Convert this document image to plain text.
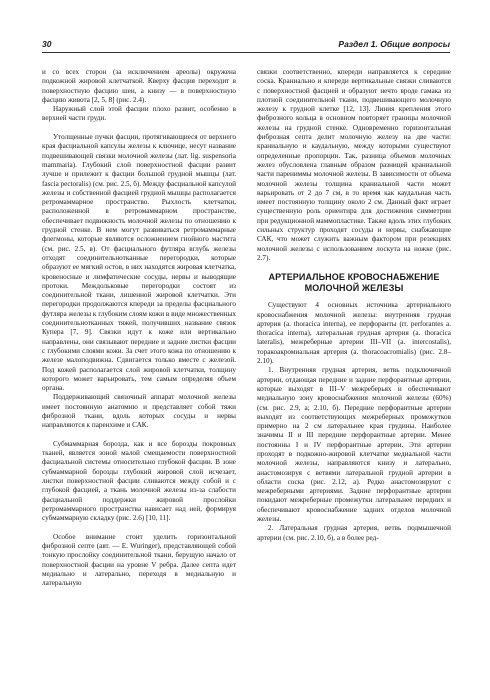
30	Раздел 1. Общие вопросы

и со всех сторон (за исключением ареолы) окружена подкожной жировой клетчаткой. Кверху фасция переходит в поверхностную фасцию шеи, а книзу — в поверхностную фасцию живота [2, 5, 8] (рис. 2.4).

Наружный слой этой фасции плохо развит, особенно в верхней части груди.

Утолщенные пучки фасции, протягивающиеся от верхнего края фасциальной капсулы железы к ключице, несут название подвешивающей связки молочной железы (лат. lig. suspensoria mammaria). Глубокий слой поверхностной фасции развит лучше и прилежит к фасции большой грудной мышцы (лат. fascia pectoralis) (см. рис. 2.5, б). Между фасциальной капсулой железы и собственной фасцией грудной мышцы располагается ретромаммарное пространство. Рыхлость клетчатки, расположенной в ретромаммарном пространстве, обеспечивает подвижность молочной железы по отношению к грудной стенке. В нем могут развиваться ретромаммарные флегмоны, которые являются осложнением гнойного мастита (см. рис. 2.5, в). От фасциального футляра вглубь железы отходят соединительнотканные перегородки, которые образуют ее мягкий остов, в них находятся жировая клетчатка, кровеносные и лимфатические сосуды, нервы и выводящие протоки. Междольковые перегородки состоят из соединительной ткани, лишенной жировой клетчатки. Эти перегородки продолжаются кпереди за пределы фасциального футляра железы к глубоким слоям кожи в виде множественных соединительнотканных тяжей, получивших название связок Купера [7, 9]. Связки идут к коже или вертикально направлены, они связывают передние и задние листки фасции с глубокими слоями кожи. За счет этого кожа по отношению к железе малоподвижна. Сдвигается только вместе с железой. Под кожей располагается слой жировой клетчатки, толщину которого может варьировать, тем самым определяя объем органа.

Поддерживающий связочный аппарат молочной железы имеет постоянную анатомию и представляет собой тяжи фиброзной ткани, вдоль которых сосуды и нервы направляются к паренхиме и САК.

Субмаммарная борозда, как и все борозды покровных тканей, является зоной малой смещаемости поверхностной фасциальной системы относительно глубокой фасции. В зоне субмаммарной борозды глубокий жировой слой исчезает, листки поверхностной фасции сливаются между собой и с глубокой фасцией, а ткань молочной железы из-за слабости фасциальной поддержки жировой прослойки ретромаммарного пространства нависает над ней, формируя субмаммарную складку (рис. 2.6) [10, 11].

Особое внимание стоит уделить горизонтальной фиброзной септе (авт. — E. Wuringer), представляющей собой тонкую прослойку соединительной ткани, берущую начало от поверхностной фасции на уровне V ребра. Далее септа идет медиально и латерально, переходя в медиальную и латеральную

связки соответственно, кпереди направляется к середине соска. Краниально и кпереди вертикальные связки сливаются с поверхностной фасцией и образуют нечто вроде гамака из плотной соединительной ткани, подвешивающего молочную железу к грудной клетке [12, 13]. Линия крепления этого фиброзного кольца в основном повторяет границы молочной железы на грудной стенке. Одновременно горизонтальная фиброзная септа делит молочную железу на две части: краниальную и каудальную, между которыми существуют определенные пропорции. Так, разница объемов молочных желез обусловлена главным образом разницей краниальной части парениммы молочной железы. В зависимости от объема молочной железы толщина краниальной части может варьировать от 2 до 7 см, в то время как каудальная часть имеет постоянную толщину около 2 см. Данный факт играет существенную роль ориентира для достижения симметрии при редукционной маммопластике. Также вдоль этих глубоких сильных структур проходят сосуды и нервы, снабжающие САК, что может служить важным фактором при резекциях молочной железы с использованием лоскута на ножке (рис. 2.7).

АРТЕРИАЛЬНОЕ КРОВОСНАБЖЕНИЕ МОЛОЧНОЙ ЖЕЛЕЗЫ

Существуют 4 основных источника артериального кровоснабжения молочной железы: внутренняя грудная артерия (a. thoracica interna), ее перфоранты (rr. perforantes a. thoracica interna), латеральная грудная артерия (a. thoracica lateralis), межреберные артерии III–VII (a. intercostalis), торакоакромиальная артерия (a. thoracoacromialis) (рис. 2.8–2.10).

1. Внутренняя грудная артерия, ветвь подключичной артерии, отдающая передние и задние перфорантные артерии, которые выходят в III–V межреберьях и обеспечивают медиальную зону кровоснабжения молочной железы (60%) (см. рис. 2.9, а; 2.10, б). Передние перфорантные артерии выходят из соответствующих межреберных промежутков примерно на 2 см латеральнее края грудины. Наиболее значимы II и III передние перфорантные артерии. Менее постоянны I и IV перфорантные артерии. Эти артерии проходят в подкожно-жировой клетчатке медиальной части молочной железы, направляются книзу и латерально, анастомозируя с ветвями латеральной грудной артерии в области соска (рис. 2.12, а). Редко анастомозируют с межреберными артериями. Задние перфорантные артерии покидают межреберные промежутки латеральнее передних и обеспечивают кровоснабжение задних отделов молочной железы.

2. Латеральная грудная артерия, ветвь подмышечной артерии (см. рис. 2.10, б), а в более ред-
